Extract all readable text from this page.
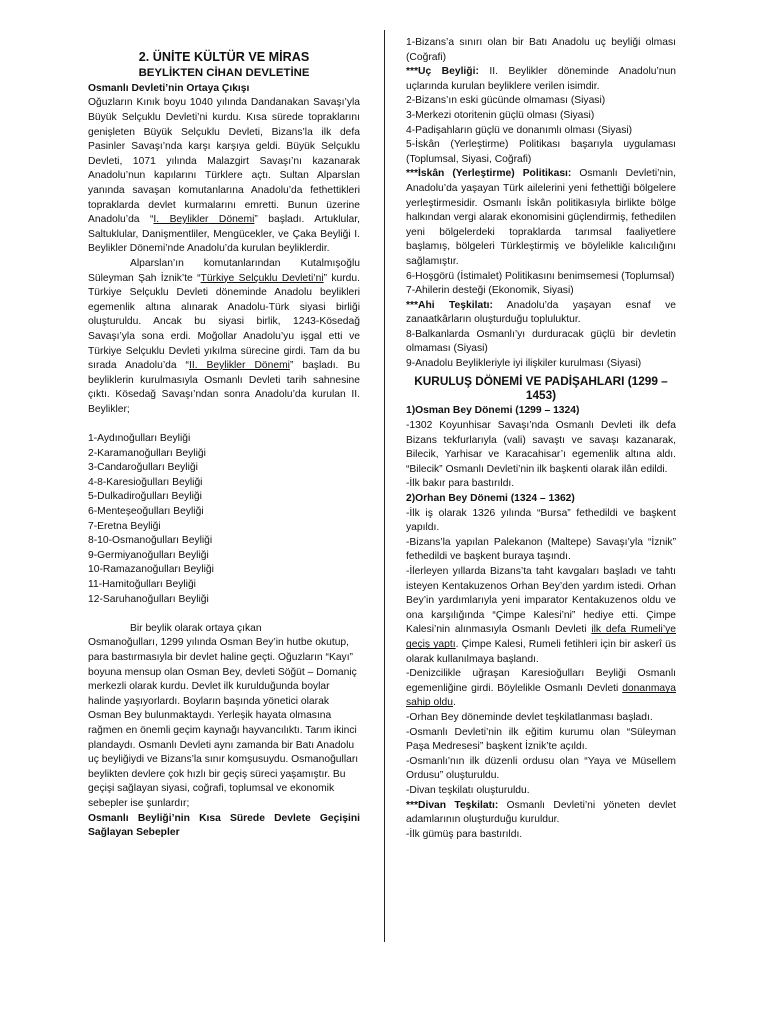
2. ÜNİTE KÜLTÜR VE MİRAS

BEYLİKTEN CİHAN DEVLETİNE

Osmanlı Devleti’nin Ortaya Çıkışı

Oğuzların Kınık boyu 1040 yılında Dandanakan Savaşı’yla Büyük Selçuklu Devleti’ni kurdu. Kısa sürede topraklarını genişleten Büyük Selçuklu Devleti, Bizans’la ilk defa Pasinler Savaşı’nda karşı karşıya geldi. Büyük Selçuklu Devleti, 1071 yılında Malazgirt Savaşı’nı kazanarak Anadolu’nun kapılarını Türklere açtı. Sultan Alparslan yanında savaşan komutanlarına Anadolu’da fethettikleri topraklarda devlet kurmalarını emretti. Bunun üzerine Anadolu’da “I. Beylikler Dönemi” başladı. Artuklular, Saltuklular, Danişmentliler, Mengücekler, ve Çaka Beyliği I. Beylikler Dönemi’nde Anadolu’da kurulan beyliklerdir.

Alparslan’ın komutanlarından Kutalmışoğlu Süleyman Şah İznik’te “Türkiye Selçuklu Devleti’ni” kurdu. Türkiye Selçuklu Devleti döneminde Anadolu beylikleri egemenlik altına alınarak Anadolu-Türk siyasi birliği oluşturuldu. Ancak bu siyasi birlik, 1243-Kösedağ Savaşı’yla sona erdi. Moğollar Anadolu’yu işgal etti ve Türkiye Selçuklu Devleti yıkılma sürecine girdi. Tam da bu sırada Anadolu’da “II. Beylikler Dönemi” başladı. Bu beyliklerin kurulmasıyla Osmanlı Devleti tarih sahnesine çıktı. Kösedağ Savaşı’ndan sonra Anadolu’da kurulan II. Beylikler;

1-Aydınoğulları Beyliği

2-Karamanoğulları Beyliği

3-Candaroğulları Beyliği

4-8-Karesioğulları Beyliği

5-Dulkadiroğulları Beyliği

6-Menteşeoğulları Beyliği

7-Eretna Beyliği

8-10-Osmanoğulları Beyliği

9-Germiyanoğulları Beyliği

10-Ramazanoğulları Beyliği

11-Hamitoğulları Beyliği

12-Saruhanoğulları Beyliği

Bir beylik olarak ortaya çıkan

Osmanoğulları, 1299 yılında Osman Bey’in hutbe okutup, para bastırmasıyla bir devlet haline geçti. Oğuzların “Kayı” boyuna mensup olan Osman Bey, devleti Söğüt – Domaniç merkezli olarak kurdu. Devlet ilk kurulduğunda boylar halinde yaşıyorlardı. Boyların başında yönetici olarak Osman Bey bulunmaktaydı. Yerleşik hayata olmasına rağmen en önemli geçim kaynağı hayvancılıktı. Tarım ikinci plandaydı. Osmanlı Devleti aynı zamanda bir Batı Anadolu uç beyliğiydi ve Bizans’la sınır komşusuydu. Osmanoğulları beylikten devlere çok hızlı bir geçiş süreci yaşamıştır. Bu geçişi sağlayan siyasi, coğrafi, toplumsal ve ekonomik sebepler ise şunlardır;

Osmanlı Beyliği’nin Kısa Sürede Devlete Geçişini Sağlayan Sebepler

1-Bizans’a sınırı olan bir Batı Anadolu uç beyliği olması (Coğrafi)

***Uç Beyliği: II. Beylikler döneminde Anadolu’nun uçlarında kurulan beyliklere verilen isimdir.

2-Bizans’ın eski gücünde olmaması (Siyasi)

3-Merkezi otoritenin güçlü olması (Siyasi)

4-Padişahların güçlü ve donanımlı olması (Siyasi)

5-İskân (Yerleştirme) Politikası başarıyla uygulaması (Toplumsal, Siyasi, Coğrafi)

***İskân (Yerleştirme) Politikası: Osmanlı Devleti’nin, Anadolu’da yaşayan Türk ailelerini yeni fethettiği bölgelere yerleştirmesidir. Osmanlı İskân politikasıyla birlikte bölge halkından vergi alarak ekonomisini güçlendirmiş, fethedilen yeni bölgelerdeki topraklarda tarımsal faaliyetlere başlamış, bölgeleri Türkleştirmiş ve böylelikle kalıcılığını sağlamıştır.

6-Hoşgörü (İstimalet) Politikasını benimsemesi (Toplumsal)

7-Ahilerin desteği (Ekonomik, Siyasi)

***Ahi Teşkilatı: Anadolu’da yaşayan esnaf ve zanaatkârların oluşturduğu topluluktur.

8-Balkanlarda Osmanlı’yı durduracak güçlü bir devletin olmaması (Siyasi)

9-Anadolu Beylikleriyle iyi ilişkiler kurulması (Siyasi)

KURULUŞ DÖNEMİ VE PADİŞAHLARI (1299 – 1453)

1)Osman Bey Dönemi (1299 – 1324)

-1302 Koyunhisar Savaşı’nda Osmanlı Devleti ilk defa Bizans tekfurlarıyla (vali) savaştı ve savaşı kazanarak, Bilecik, Yarhisar ve Karacahisar’ı egemenlik altına aldı. “Bilecik” Osmanlı Devleti’nin ilk başkenti olarak ilân edildi.

-İlk bakır para bastırıldı.

2)Orhan Bey Dönemi (1324 – 1362)

-İlk iş olarak 1326 yılında “Bursa” fethedildi ve başkent yapıldı.

-Bizans’la yapılan Palekanon (Maltepe) Savaşı’yla “İznik” fethedildi ve başkent buraya taşındı.

-İlerleyen yıllarda Bizans’ta taht kavgaları başladı ve tahtı isteyen Kentakuzenos Orhan Bey’den yardım istedi. Orhan Bey’in yardımlarıyla yeni imparator Kentakuzenos oldu ve ona karşılığında “Çimpe Kalesi’ni” hediye etti. Çimpe Kalesi’nin alınmasıyla Osmanlı Devleti ilk defa Rumeli’ye geçiş yaptı. Çimpe Kalesi, Rumeli fetihleri için bir askerî üs olarak kullanılmaya başlandı.

-Denizcilikle uğraşan Karesioğulları Beyliği Osmanlı egemenliğine girdi. Böylelikle Osmanlı Devleti donanmaya sahip oldu.

-Orhan Bey döneminde devlet teşkilatlanması başladı.

-Osmanlı Devleti’nin ilk eğitim kurumu olan “Süleyman Paşa Medresesi” başkent İznik’te açıldı.

-Osmanlı’nın ilk düzenli ordusu olan “Yaya ve Müsellem Ordusu” oluşturuldu.

-Divan teşkilatı oluşturuldu.

***Divan Teşkilatı: Osmanlı Devleti’ni yöneten devlet adamlarının oluşturduğu kuruldur.

-İlk gümüş para bastırıldı.
